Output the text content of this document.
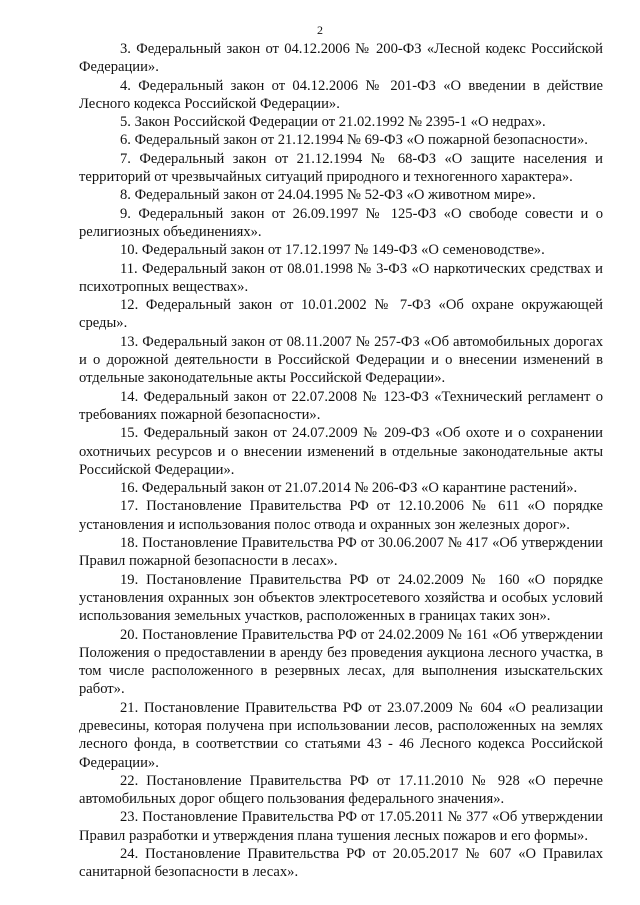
2

3. Федеральный закон от 04.12.2006 № 200-ФЗ «Лесной кодекс Российской Федерации».

4. Федеральный закон от 04.12.2006 № 201-ФЗ «О введении в действие Лесного кодекса Российской Федерации».

5. Закон Российской Федерации от 21.02.1992 № 2395-1 «О недрах».

6. Федеральный закон от 21.12.1994 № 69-ФЗ «О пожарной безопасности».

7. Федеральный закон от 21.12.1994 № 68-ФЗ «О защите населения и территорий от чрезвычайных ситуаций природного и техногенного характера».

8. Федеральный закон от 24.04.1995 № 52-ФЗ «О животном мире».

9. Федеральный закон от 26.09.1997 № 125-ФЗ «О свободе совести и о религиозных объединениях».

10. Федеральный закон от 17.12.1997 № 149-ФЗ «О семеноводстве».

11. Федеральный закон от 08.01.1998 № 3-ФЗ «О наркотических средствах и психотропных веществах».

12. Федеральный закон от 10.01.2002 № 7-ФЗ «Об охране окружающей среды».

13. Федеральный закон от 08.11.2007 № 257-ФЗ «Об автомобильных дорогах и о дорожной деятельности в Российской Федерации и о внесении изменений в отдельные законодательные акты Российской Федерации».

14. Федеральный закон от 22.07.2008 № 123-ФЗ «Технический регламент о требованиях пожарной безопасности».

15. Федеральный закон от 24.07.2009 № 209-ФЗ «Об охоте и о сохранении охотничьих ресурсов и о внесении изменений в отдельные законодательные акты Российской Федерации».

16. Федеральный закон от 21.07.2014 № 206-ФЗ «О карантине растений».

17. Постановление Правительства РФ от 12.10.2006 № 611 «О порядке установления и использования полос отвода и охранных зон железных дорог».

18. Постановление Правительства РФ от 30.06.2007 № 417 «Об утверждении Правил пожарной безопасности в лесах».

19. Постановление Правительства РФ от 24.02.2009 № 160 «О порядке установления охранных зон объектов электросетевого хозяйства и особых условий использования земельных участков, расположенных в границах таких зон».

20. Постановление Правительства РФ от 24.02.2009 № 161 «Об утверждении Положения о предоставлении в аренду без проведения аукциона лесного участка, в том числе расположенного в резервных лесах, для выполнения изыскательских работ».

21. Постановление Правительства РФ от 23.07.2009 № 604 «О реализации древесины, которая получена при использовании лесов, расположенных на землях лесного фонда, в соответствии со статьями 43 - 46 Лесного кодекса Российской Федерации».

22. Постановление Правительства РФ от 17.11.2010 № 928 «О перечне автомобильных дорог общего пользования федерального значения».

23. Постановление Правительства РФ от 17.05.2011 № 377 «Об утверждении Правил разработки и утверждения плана тушения лесных пожаров и его формы».

24. Постановление Правительства РФ от 20.05.2017 № 607 «О Правилах санитарной безопасности в лесах».
